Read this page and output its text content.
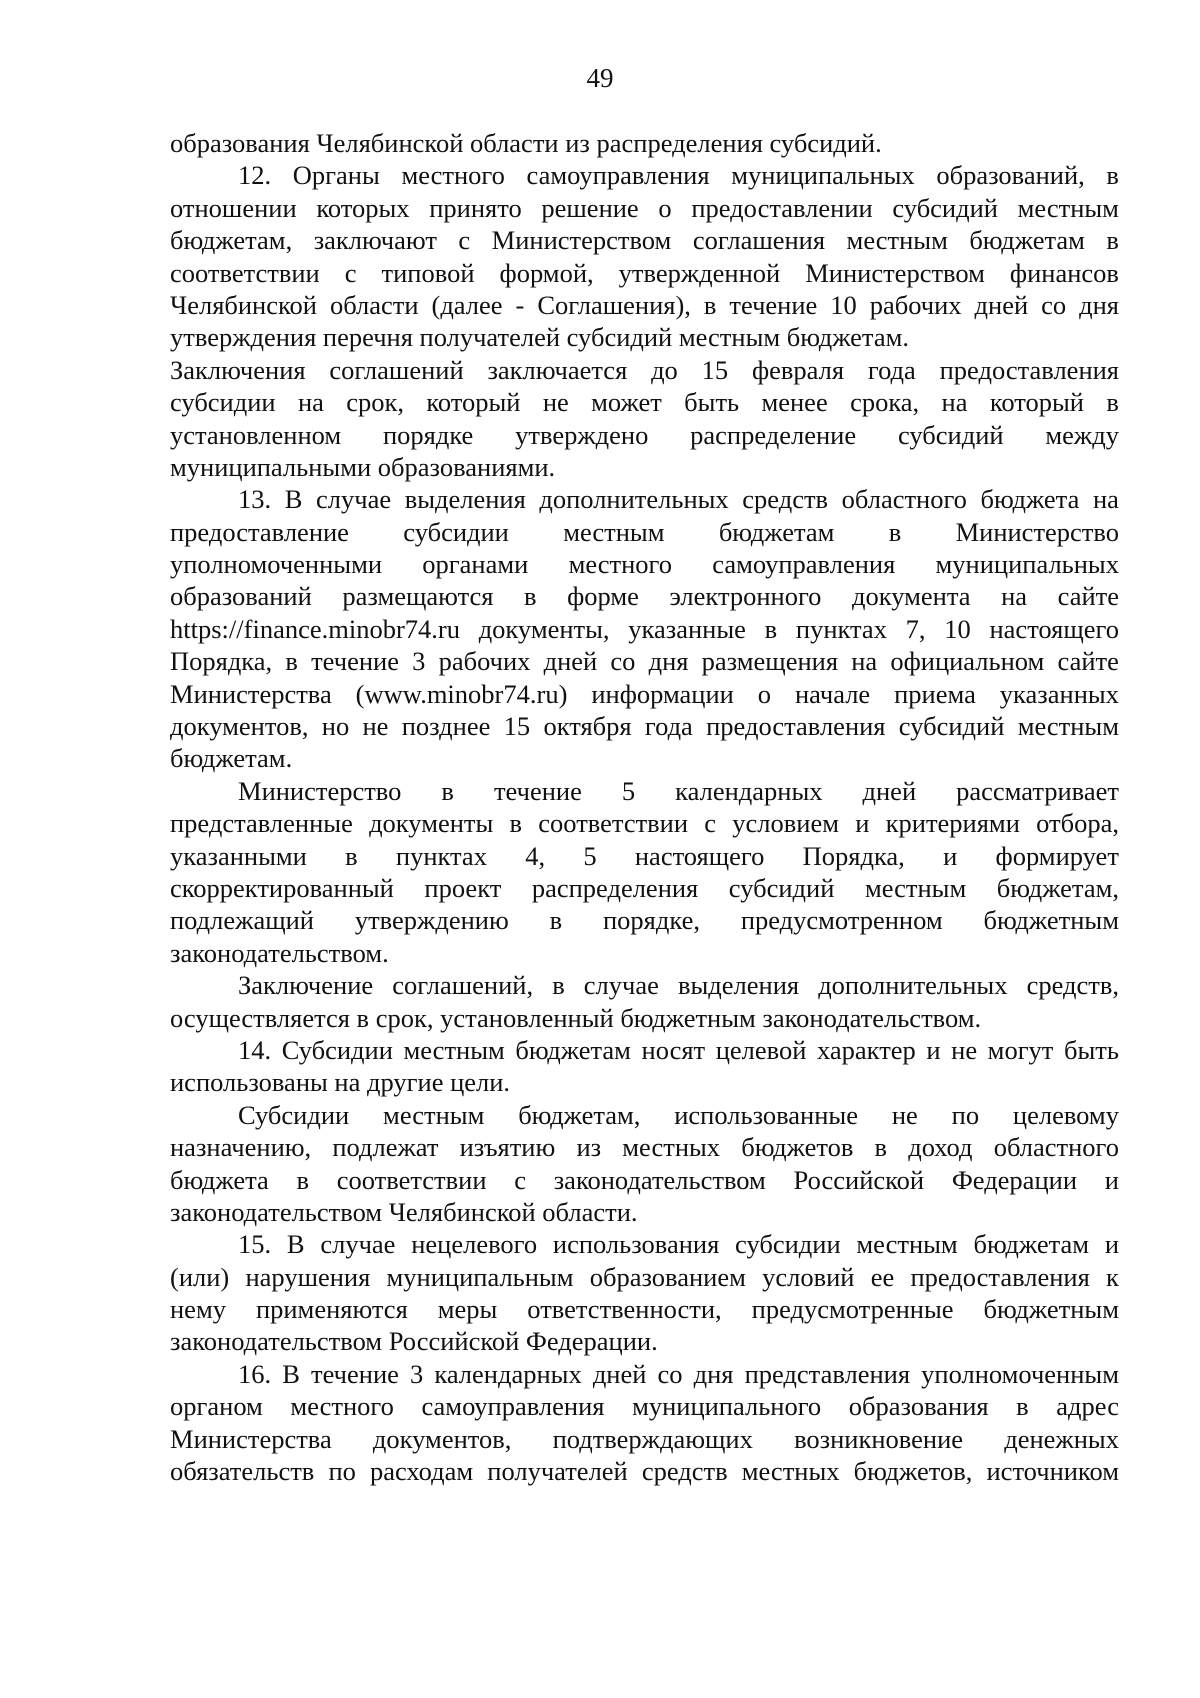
49
образования Челябинской области из распределения субсидий.
12. Органы местного самоуправления муниципальных образований, в
отношении которых принято решение о предоставлении субсидий местным
бюджетам, заключают с Министерством соглашения местным бюджетам в
соответствии с типовой формой, утвержденной Министерством финансов
Челябинской области (далее - Соглашения), в течение 10 рабочих дней со дня
утверждения перечня получателей субсидий местным бюджетам.
Заключения соглашений заключается до 15 февраля года предоставления
субсидии на срок, который не может быть менее срока, на который в
установленном порядке утверждено распределение субсидий между
муниципальными образованиями.
13. В случае выделения дополнительных средств областного бюджета на
предоставление субсидии местным бюджетам в Министерство
уполномоченными органами местного самоуправления муниципальных
образований размещаются в форме электронного документа на сайте
https://finance.minobr74.ru документы, указанные в пунктах 7, 10 настоящего
Порядка, в течение 3 рабочих дней со дня размещения на официальном сайте
Министерства (www.minobr74.ru) информации о начале приема указанных
документов, но не позднее 15 октября года предоставления субсидий местным
бюджетам.
Министерство в течение 5 календарных дней рассматривает
представленные документы в соответствии с условием и критериями отбора,
указанными в пунктах 4, 5 настоящего Порядка, и формирует
скорректированный проект распределения субсидий местным бюджетам,
подлежащий утверждению в порядке, предусмотренном бюджетным
законодательством.
Заключение соглашений, в случае выделения дополнительных средств,
осуществляется в срок, установленный бюджетным законодательством.
14. Субсидии местным бюджетам носят целевой характер и не могут быть
использованы на другие цели.
Субсидии местным бюджетам, использованные не по целевому
назначению, подлежат изъятию из местных бюджетов в доход областного
бюджета в соответствии с законодательством Российской Федерации и
законодательством Челябинской области.
15. В случае нецелевого использования субсидии местным бюджетам и
(или) нарушения муниципальным образованием условий ее предоставления к
нему применяются меры ответственности, предусмотренные бюджетным
законодательством Российской Федерации.
16. В течение 3 календарных дней со дня представления уполномоченным
органом местного самоуправления муниципального образования в адрес
Министерства документов, подтверждающих возникновение денежных
обязательств по расходам получателей средств местных бюджетов, источником
